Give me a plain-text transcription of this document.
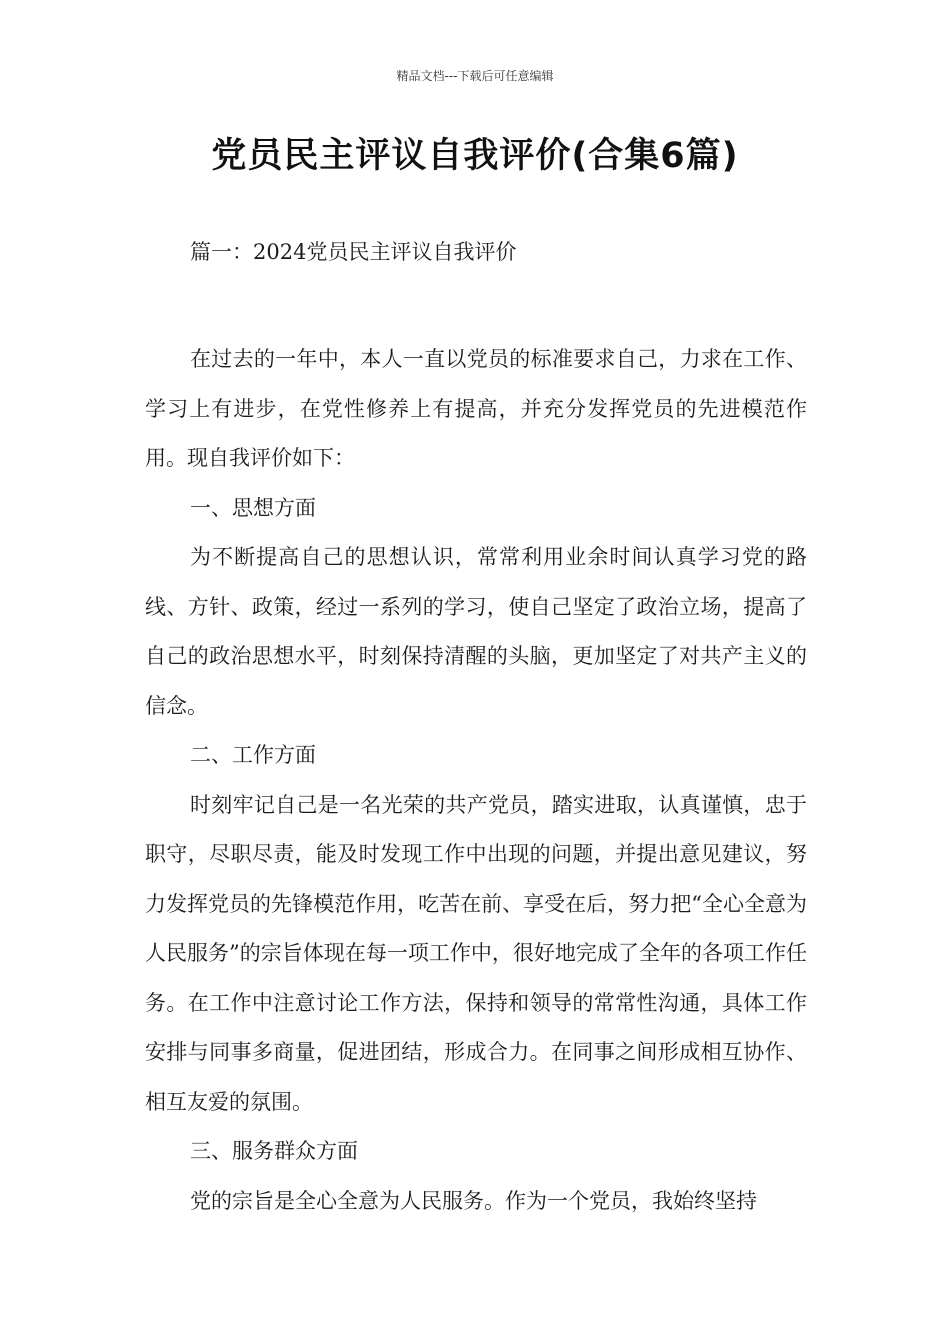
精品文档---下载后可任意编辑
党员民主评议自我评价(合集6篇)
篇一：2024党员民主评议自我评价

在过去的一年中，本人一直以党员的标准要求自己，力求在工作、学习上有进步，在党性修养上有提高，并充分发挥党员的先进模范作用。现自我评价如下：

一、思想方面

为不断提高自己的思想认识，常常利用业余时间认真学习党的路线、方针、政策，经过一系列的学习，使自己坚定了政治立场，提高了自己的政治思想水平，时刻保持清醒的头脑，更加坚定了对共产主义的信念。

二、工作方面

时刻牢记自己是一名光荣的共产党员，踏实进取，认真谨慎，忠于职守，尽职尽责，能及时发现工作中出现的问题，并提出意见建议，努力发挥党员的先锋模范作用，吃苦在前、享受在后，努力把“全心全意为人民服务”的宗旨体现在每一项工作中，很好地完成了全年的各项工作任务。在工作中注意讨论工作方法，保持和领导的常常性沟通，具体工作安排与同事多商量，促进团结，形成合力。在同事之间形成相互协作、相互友爱的氛围。

三、服务群众方面

党的宗旨是全心全意为人民服务。作为一个党员，我始终坚持
